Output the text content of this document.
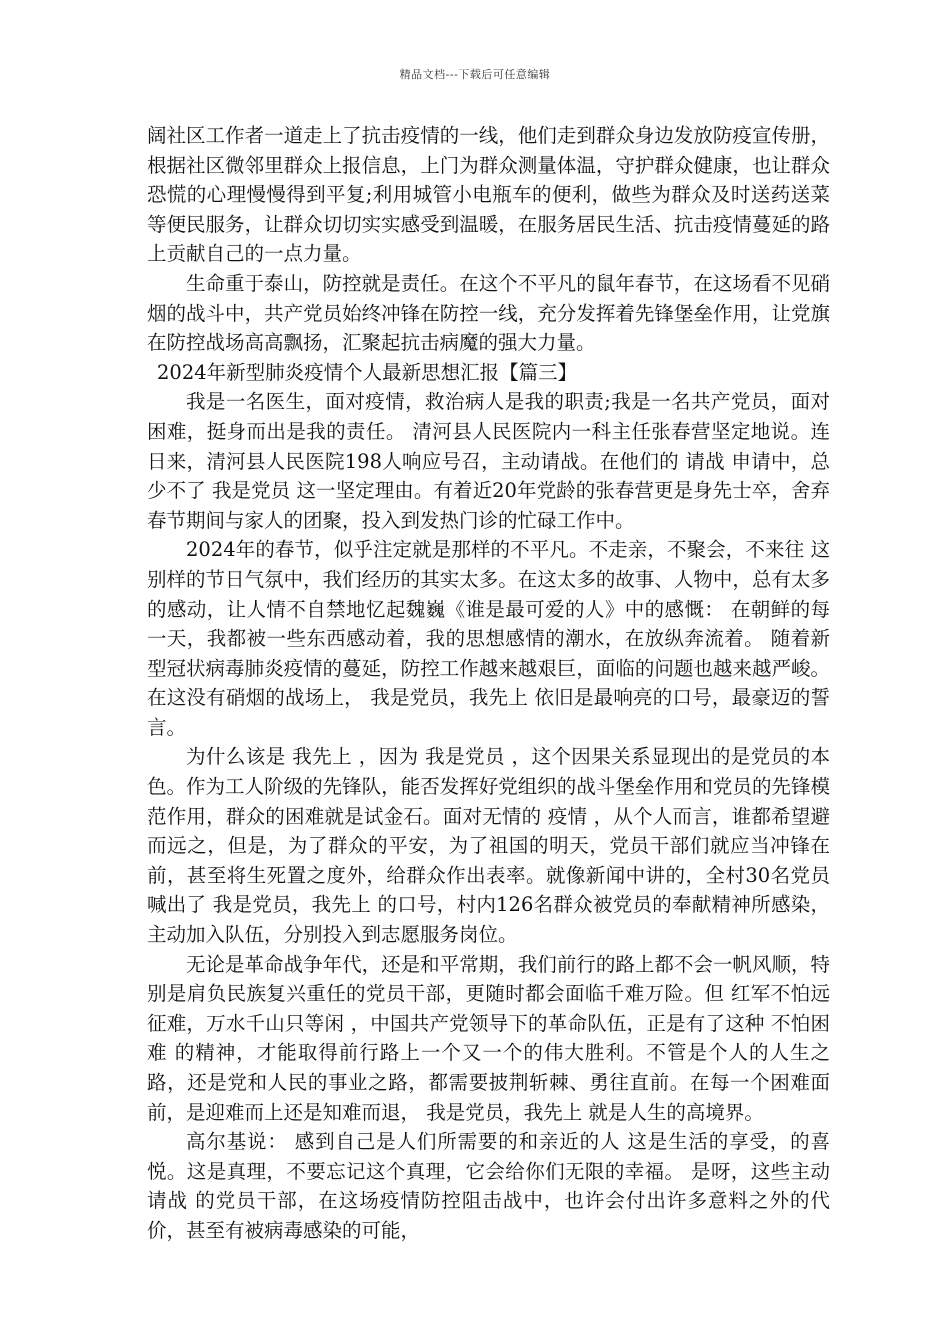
精品文档---下载后可任意编辑

阔社区工作者一道走上了抗击疫情的一线，他们走到群众身边发放防疫宣传册，根据社区微邻里群众上报信息，上门为群众测量体温，守护群众健康，也让群众恐慌的心理慢慢得到平复;利用城管小电瓶车的便利，做些为群众及时送药送菜等便民服务，让群众切切实实感受到温暖，在服务居民生活、抗击疫情蔓延的路上贡献自己的一点力量。

生命重于泰山，防控就是责任。在这个不平凡的鼠年春节，在这场看不见硝烟的战斗中，共产党员始终冲锋在防控一线，充分发挥着先锋堡垒作用，让党旗在防控战场高高飘扬，汇聚起抗击病魔的强大力量。

2024年新型肺炎疫情个人最新思想汇报【篇三】

我是一名医生，面对疫情，救治病人是我的职责;我是一名共产党员，面对困难，挺身而出是我的责任。 清河县人民医院内一科主任张春营坚定地说。连日来，清河县人民医院198人响应号召，主动请战。在他们的 请战 申请中，总少不了 我是党员 这一坚定理由。有着近20年党龄的张春营更是身先士卒，舍弃春节期间与家人的团聚，投入到发热门诊的忙碌工作中。

2024年的春节，似乎注定就是那样的不平凡。不走亲，不聚会，不来往 这别样的节日气氛中，我们经历的其实太多。在这太多的故事、人物中，总有太多的感动，让人情不自禁地忆起魏巍《谁是最可爱的人》中的感慨： 在朝鲜的每一天，我都被一些东西感动着，我的思想感情的潮水，在放纵奔流着。 随着新型冠状病毒肺炎疫情的蔓延，防控工作越来越艰巨，面临的问题也越来越严峻。在这没有硝烟的战场上， 我是党员，我先上 依旧是最响亮的口号，最豪迈的誓言。

为什么该是 我先上 ，因为 我是党员 ，这个因果关系显现出的是党员的本色。作为工人阶级的先锋队，能否发挥好党组织的战斗堡垒作用和党员的先锋模范作用，群众的困难就是试金石。面对无情的 疫情 ，从个人而言，谁都希望避而远之，但是，为了群众的平安，为了祖国的明天，党员干部们就应当冲锋在前，甚至将生死置之度外，给群众作出表率。就像新闻中讲的，全村30名党员喊出了 我是党员，我先上 的口号，村内126名群众被党员的奉献精神所感染，主动加入队伍，分别投入到志愿服务岗位。

无论是革命战争年代，还是和平常期，我们前行的路上都不会一帆风顺，特别是肩负民族复兴重任的党员干部，更随时都会面临千难万险。但 红军不怕远征难，万水千山只等闲 ，中国共产党领导下的革命队伍，正是有了这种 不怕困难 的精神，才能取得前行路上一个又一个的伟大胜利。不管是个人的人生之路，还是党和人民的事业之路，都需要披荆斩棘、勇往直前。在每一个困难面前，是迎难而上还是知难而退， 我是党员，我先上 就是人生的高境界。

高尔基说： 感到自己是人们所需要的和亲近的人 这是生活的享受，的喜悦。这是真理，不要忘记这个真理，它会给你们无限的幸福。 是呀，这些主动 请战 的党员干部，在这场疫情防控阻击战中，也许会付出许多意料之外的代价，甚至有被病毒感染的可能，
